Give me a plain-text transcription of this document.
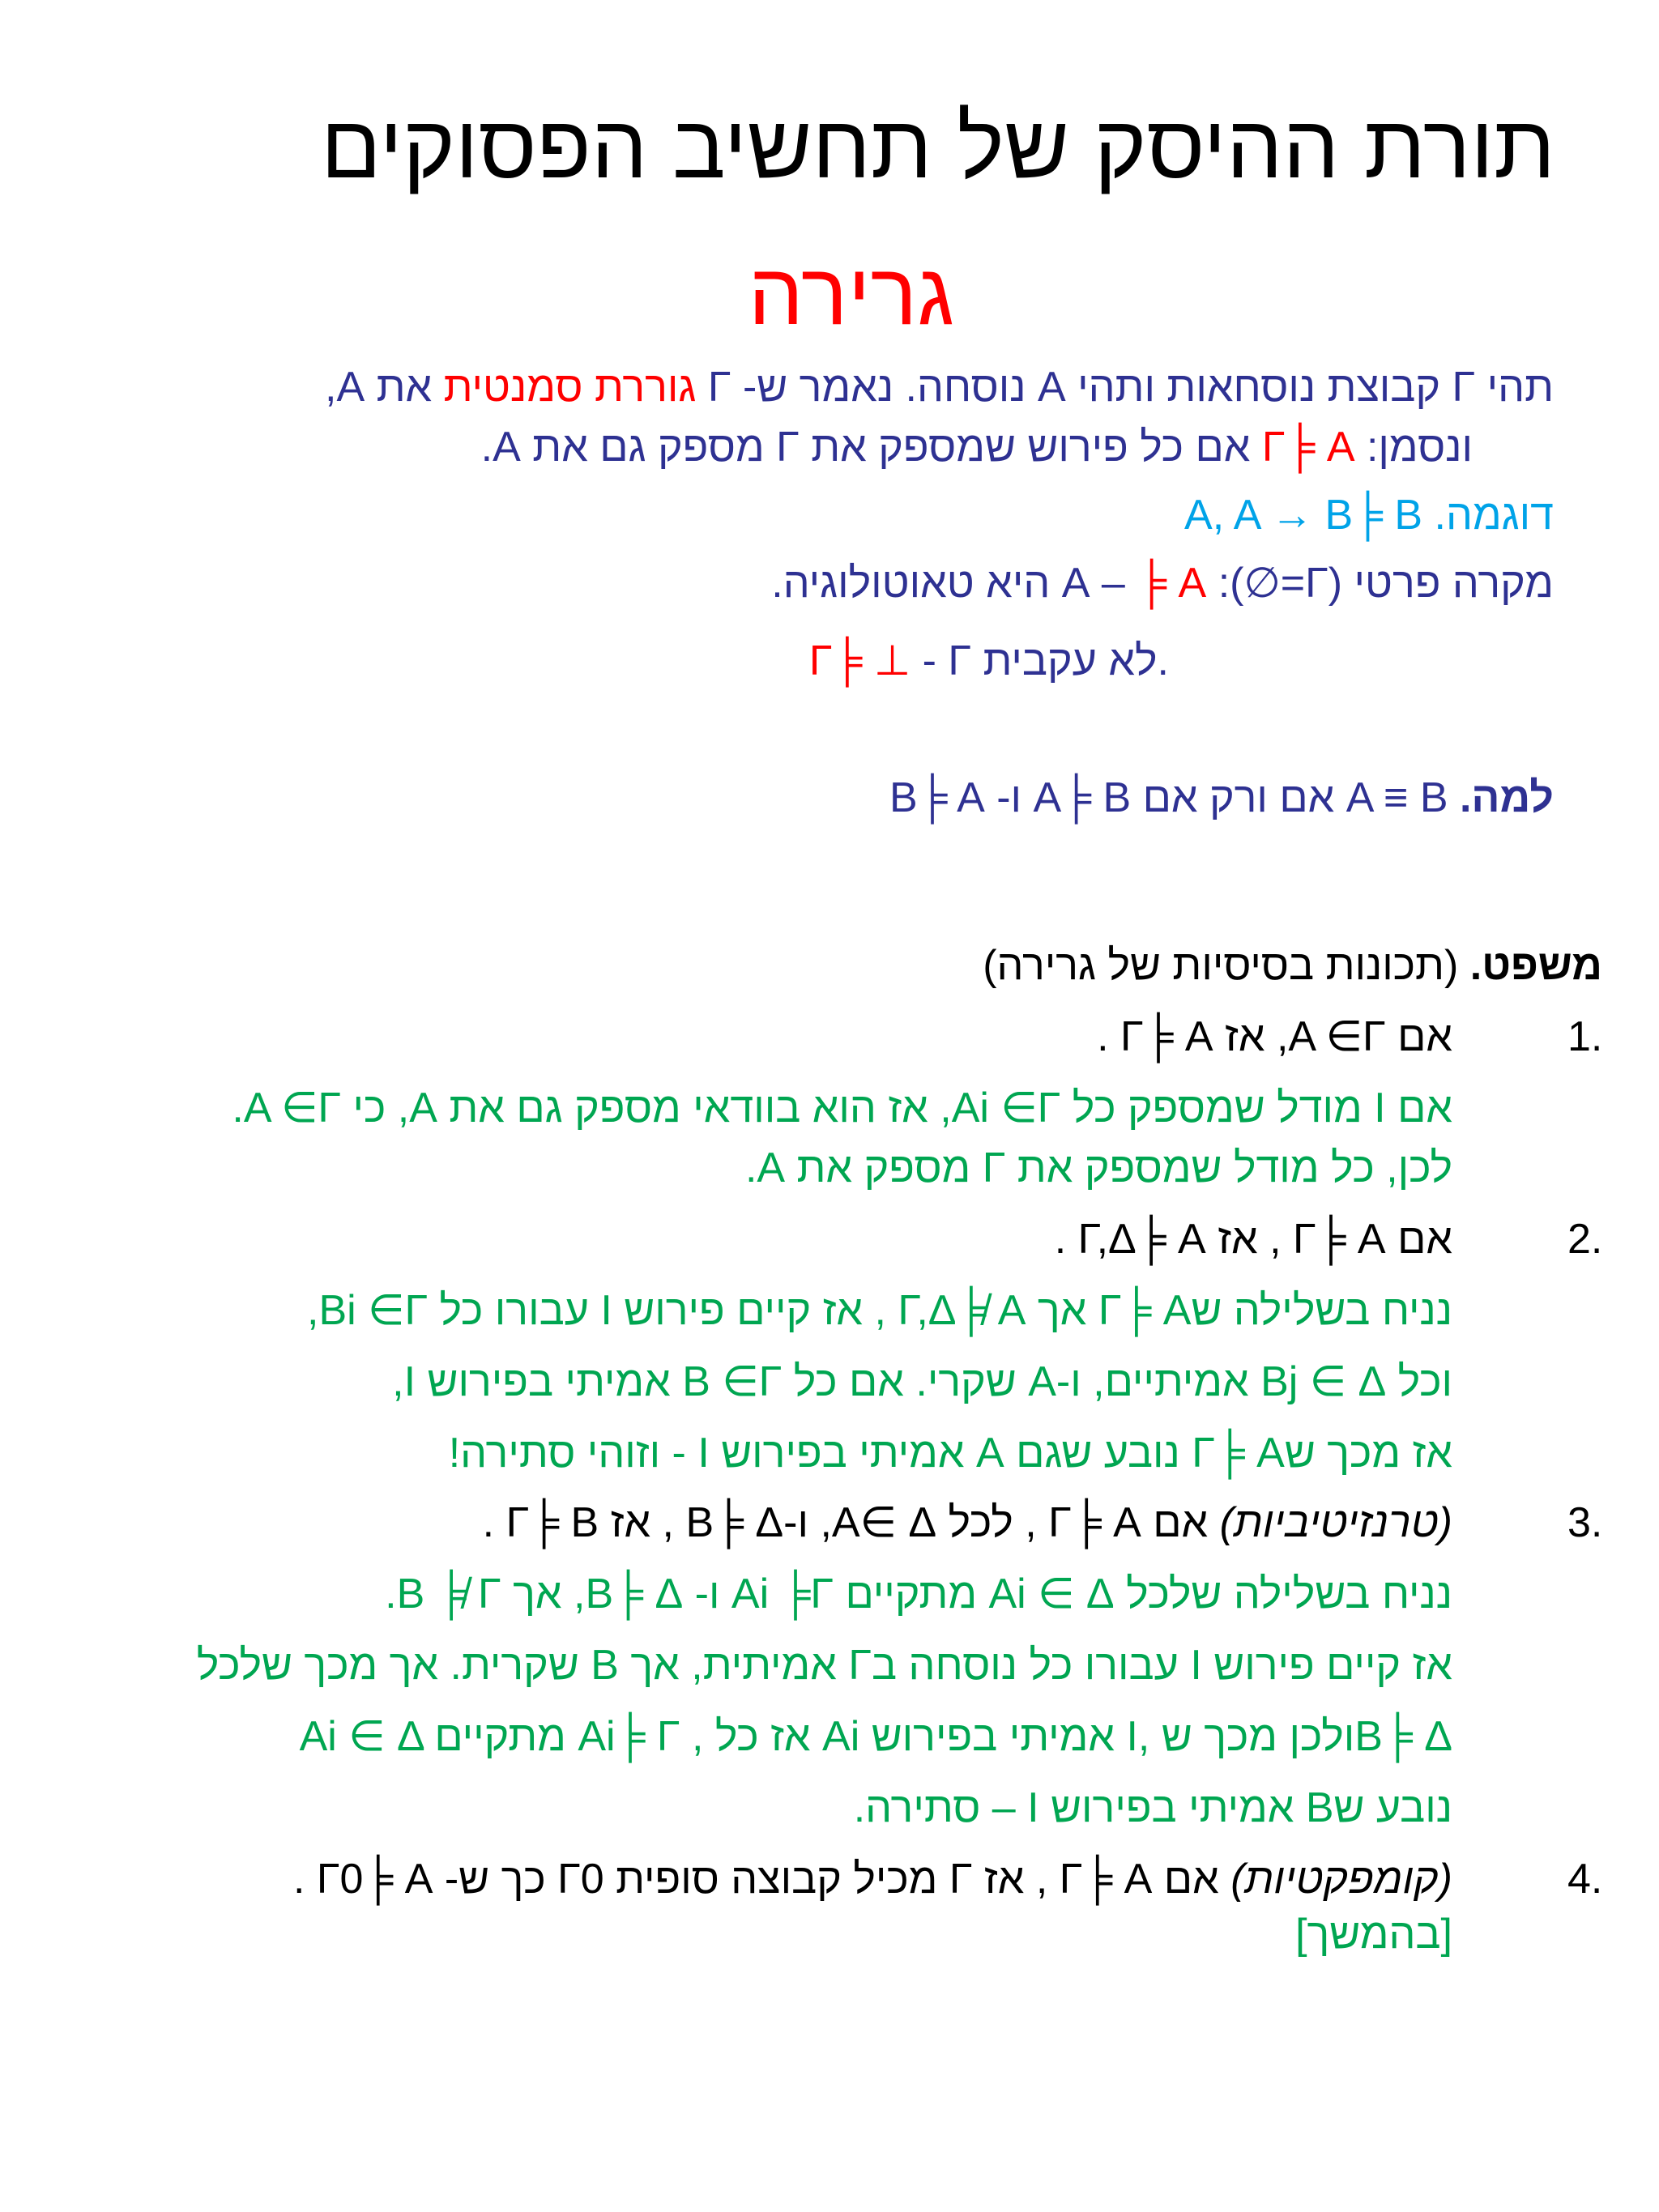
תורת ההיסק של תחשיב הפסוקים
גרירה
תהי Γ קבוצת נוסחאות ותהי A נוסחה. נאמר ש- Γ גוררת סמנטית את A,
ונסמן: Γ╞ A אם כל פירוש שמספק את Γ מספק גם את A.
דוגמה. A, A → B╞ B
מקרה פרטי (Γ=∅): ╞ A – A היא טאוטולוגיה.
Γ╞ ⊥ - Γ לא עקבית.
למה. A ≡ B אם ורק אם A╞ B ו- B╞ A
משפט. (תכונות בסיסיות של גרירה)
1.
אם A ∈Γ, אז Γ╞ A .
אם I מודל שמספק כל Ai ∈Γ, אז הוא בוודאי מספק גם את A, כי A ∈Γ.
לכן, כל מודל שמספק את Γ מספק את A.
2.
אם Γ╞ A , אז Γ,Δ╞ A .
נניח בשלילה שΓ╞ A אך Γ,Δ╞̸ A , אז קיים פירוש I עבורו כל Bi ∈Γ,
וכל Bj ∈ Δ אמיתיים, ו-A שקרי. אם כל B ∈Γ אמיתי בפירוש I,
אז מכך שΓ╞ A נובע שגם A אמיתי בפירוש I - וזוהי סתירה!
3.
(טרנזיטיביות) אם Γ╞ A , לכל A∈ Δ, ו-B╞ Δ , אז Γ╞ B .
נניח בשלילה שלכל Ai ∈ Δ מתקיים Ai ╞Γ ו- B╞ Δ, אך B ╞̸ Γ.
אז קיים פירוש I עבורו כל נוסחה בΓ אמיתית, אך B שקרית. אך מכך שלכל
Ai ∈ Δ מתקיים Ai╞ Γ , אז כל Ai אמיתי בפירוש I, ולכן מכך שB╞ Δ
נובע שB אמיתי בפירוש I – סתירה.
4.
(קומפקטיות) אם Γ╞ A , אז Γ מכיל קבוצה סופית Γ0 כך ש- Γ0╞ A .
[בהמשך]
